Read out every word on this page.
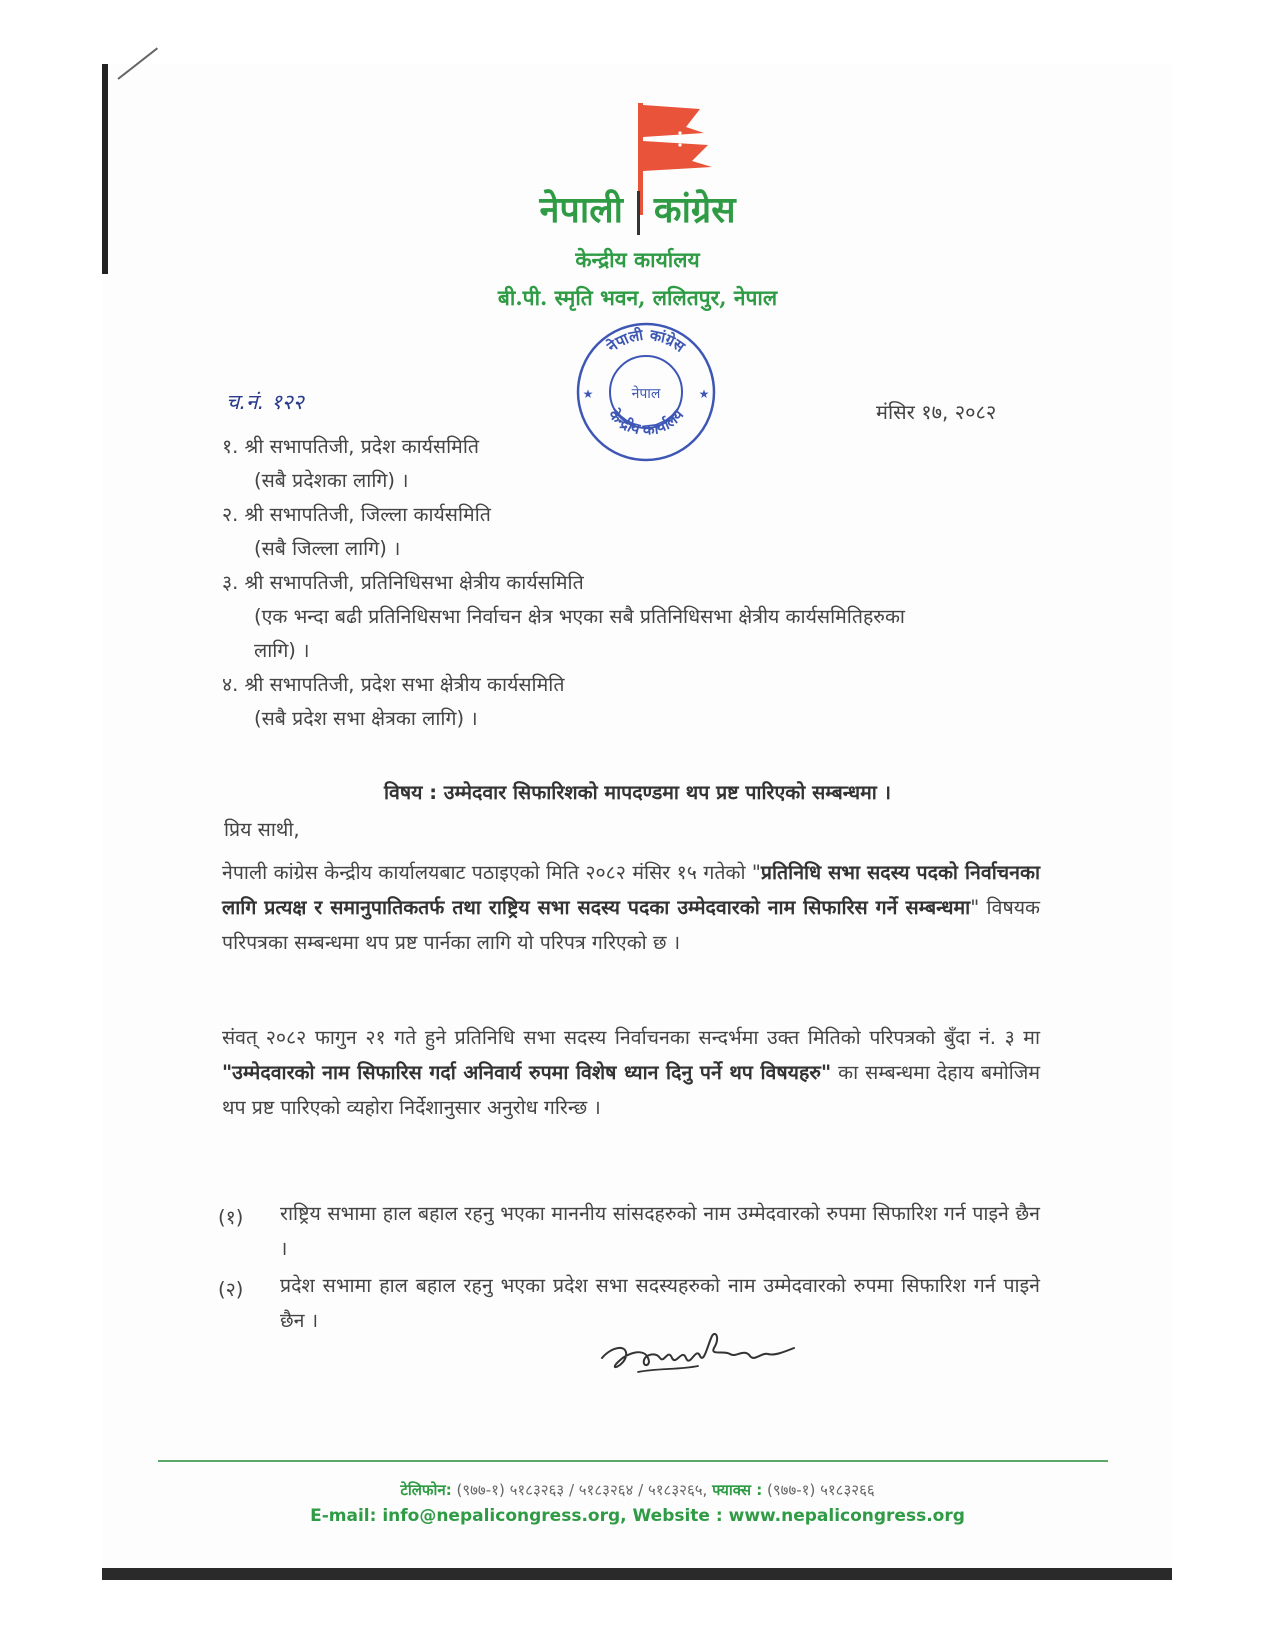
नेपाली कांग्रेस
केन्द्रीय कार्यालय
बी.पी. स्मृति भवन, ललितपुर, नेपाल
नेपाली कांग्रेस
केन्द्रीय कार्यालय
नेपाल
★	★
च.नं. १२२	मंसिर १७, २०८२
१. श्री सभापतिजी, प्रदेश कार्यसमिति
(सबै प्रदेशका लागि) ।
२. श्री सभापतिजी, जिल्ला कार्यसमिति
(सबै जिल्ला लागि) ।
३. श्री सभापतिजी, प्रतिनिधिसभा क्षेत्रीय कार्यसमिति
(एक भन्दा बढी प्रतिनिधिसभा निर्वाचन क्षेत्र भएका सबै प्रतिनिधिसभा क्षेत्रीय कार्यसमितिहरुका
लागि) ।
४. श्री सभापतिजी, प्रदेश सभा क्षेत्रीय कार्यसमिति
(सबै प्रदेश सभा क्षेत्रका लागि) ।
विषय : उम्मेदवार सिफारिशको मापदण्डमा थप प्रष्ट पारिएको सम्बन्धमा ।
प्रिय साथी,
नेपाली कांग्रेस केन्द्रीय कार्यालयबाट पठाइएको मिति २०८२ मंसिर १५ गतेको "प्रतिनिधि सभा सदस्य पदको निर्वाचनका लागि प्रत्यक्ष र समानुपातिकतर्फ तथा राष्ट्रिय सभा सदस्य पदका उम्मेदवारको नाम सिफारिस गर्ने सम्बन्धमा" विषयक परिपत्रका सम्बन्धमा थप प्रष्ट पार्नका लागि यो परिपत्र गरिएको छ ।
संवत् २०८२ फागुन २१ गते हुने प्रतिनिधि सभा सदस्य निर्वाचनका सन्दर्भमा उक्त मितिको परिपत्रको बुँदा नं. ३ मा "उम्मेदवारको नाम सिफारिस गर्दा अनिवार्य रुपमा विशेष ध्यान दिनु पर्ने थप विषयहरु" का सम्बन्धमा देहाय बमोजिम थप प्रष्ट पारिएको व्यहोरा निर्देशानुसार अनुरोध गरिन्छ ।
(१) राष्ट्रिय सभामा हाल बहाल रहनु भएका माननीय सांसदहरुको नाम उम्मेदवारको रुपमा सिफारिश गर्न पाइने छैन ।
(२) प्रदेश सभामा हाल बहाल रहनु भएका प्रदेश सभा सदस्यहरुको नाम उम्मेदवारको रुपमा सिफारिश गर्न पाइने छैन ।
टेलिफोन: (९७७-१) ५१८३२६३ / ५१८३२६४ / ५१८३२६५, फ्याक्स : (९७७-१) ५१८३२६६
E-mail: info@nepalicongress.org, Website : www.nepalicongress.org
